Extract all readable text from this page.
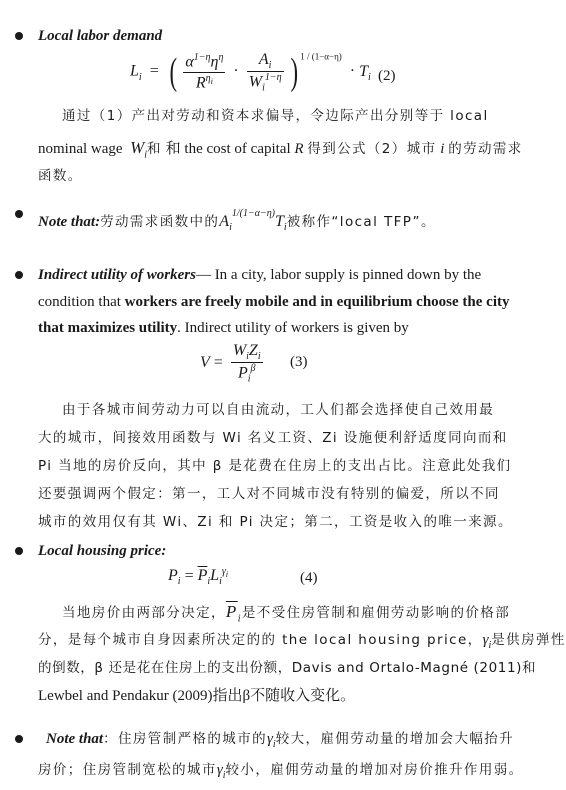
Local labor demand
$L_i$  =  ( $\frac{\alpha^{1-\eta}\eta^\eta}{R^{\eta_i}} \cdot \frac{A_i}{W_i^{1-\eta}}$ ) $^{1 / (1-\alpha-\eta)} \cdot T_i$ (2)
通过（1）产出对劳动和资本求偏导，令边际产出分别等于 local
nominal wage $W_i$和 和 the cost of capital R 得到公式（2）城市 i 的劳动需求
函数。
Note that:劳动需求函数中的$A_i^{1/(1-\alpha-\eta)}T_i$被称作“local TFP”。
Indirect utility of workers— In a city, labor supply is pinned down by the
condition that workers are freely mobile and in equilibrium choose the city
that maximizes utility. Indirect utility of workers is given by
$V = \frac{W_iZ_i}{P_i^\beta} (3)$
由于各城市间劳动力可以自由流动，工人们都会选择使自己效用最
大的城市，间接效用函数与 Wi 名义工资、Zi 设施便利舒适度同向而和
Pi 当地的房价反向，其中 β 是花费在住房上的支出占比。注意此处我们
还要强调两个假定：第一，工人对不同城市没有特别的偏爱，所以不同
城市的效用仅有其 Wi、Zi 和 Pi 决定；第二，工资是收入的唯一来源。
Local housing price:
$P_i = \overline{P}_iL_i^{\gamma_i}$	(4)
当地房价由两部分决定，$\overline{P}_i$是不受住房管制和雇佣劳动影响的价格部
分，是每个城市自身因素所决定的的 the local housing price，$\gamma_i$是供房弹性
的倒数，β 还是花在住房上的支出份额，Davis and Ortalo-Magné (2011)和
Lewbel and Pendakur (2009)指出β不随收入变化。
Note that：住房管制严格的城市的$\gamma_i$较大，雇佣劳动量的增加会大幅抬升
房价；住房管制宽松的城市$\gamma_i$较小，雇佣劳动量的增加对房价推升作用弱。
